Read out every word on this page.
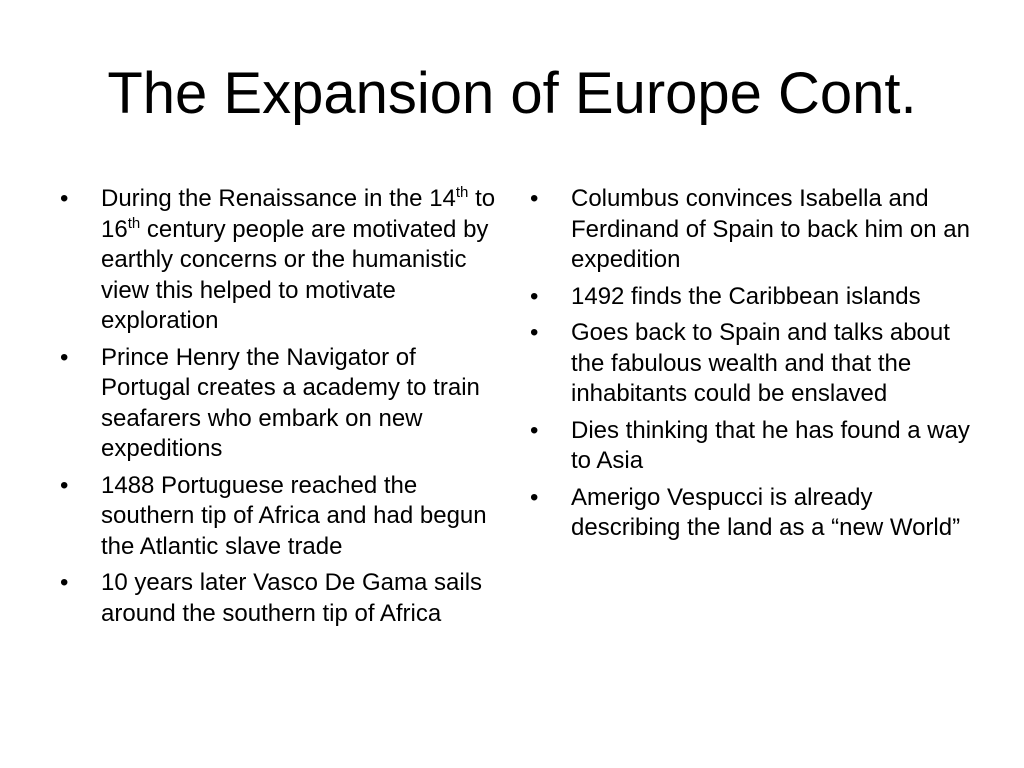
The Expansion of Europe Cont.
•	During the Renaissance in the 14th to 16th century people are motivated by earthly concerns or the humanistic view this helped to motivate exploration
•	Prince Henry the Navigator of Portugal creates a academy to train seafarers who embark on new expeditions
•	1488 Portuguese reached the southern tip of Africa and had begun the Atlantic slave trade
•	10 years later Vasco De Gama sails around the southern tip of Africa
•	Columbus convinces Isabella and Ferdinand of Spain to back him on an expedition
•	1492 finds the Caribbean islands
•	Goes back to Spain and talks about the fabulous wealth and that the inhabitants could be enslaved
•	Dies thinking that he has found a way to Asia
•	Amerigo Vespucci is already describing the land as a “new World”
